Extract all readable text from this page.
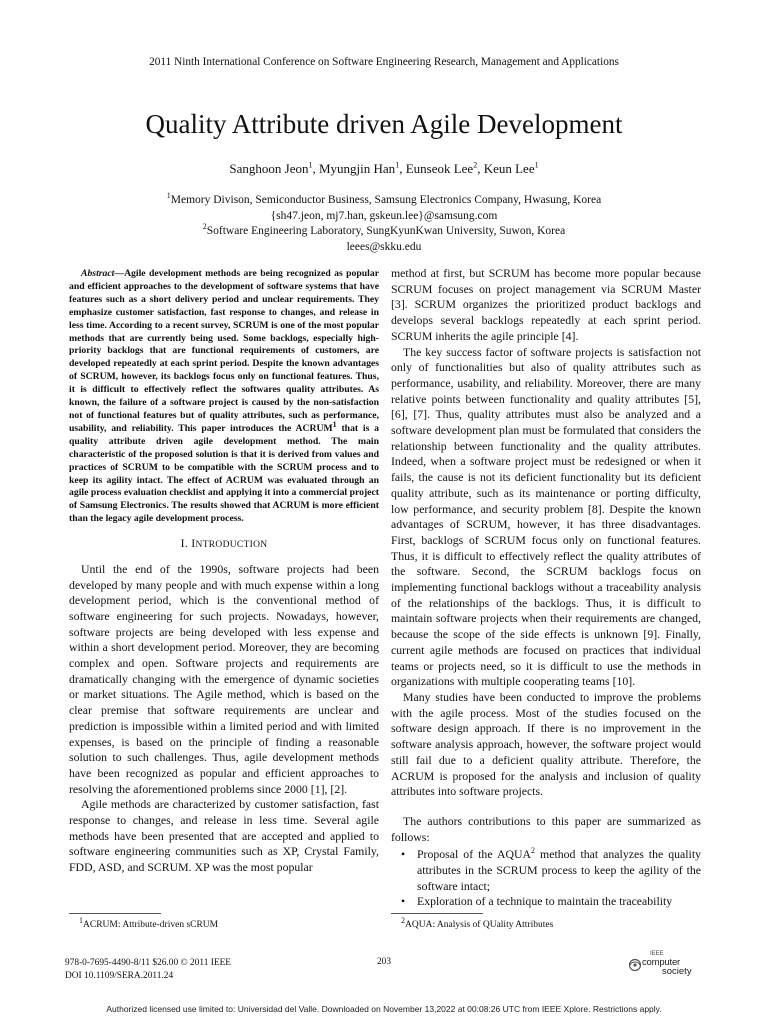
2011 Ninth International Conference on Software Engineering Research, Management and Applications
Quality Attribute driven Agile Development
Sanghoon Jeon$^1$, Myungjin Han$^1$, Eunseok Lee$^2$, Keun Lee$^1$
$^1$Memory Divison, Semiconductor Business, Samsung Electronics Company, Hwasung, Korea
{sh47.jeon, mj7.han, gskeun.lee}@samsung.com
$^2$Software Engineering Laboratory, SungKyunKwan University, Suwon, Korea
leees@skku.edu
Abstract—Agile development methods are being recognized as popular and efficient approaches to the development of software systems that have features such as a short delivery period and unclear requirements. They emphasize customer satisfaction, fast response to changes, and release in less time. According to a recent survey, SCRUM is one of the most popular methods that are currently being used. Some backlogs, especially high-priority backlogs that are functional requirements of customers, are developed repeatedly at each sprint period. Despite the known advantages of SCRUM, however, its backlogs focus only on functional features. Thus, it is difficult to effectively reflect the softwares quality attributes. As known, the failure of a software project is caused by the non-satisfaction not of functional features but of quality attributes, such as performance, usability, and reliability. This paper introduces the ACRUM$^1$ that is a quality attribute driven agile development method. The main characteristic of the proposed solution is that it is derived from values and practices of SCRUM to be compatible with the SCRUM process and to keep its agility intact. The effect of ACRUM was evaluated through an agile process evaluation checklist and applying it into a commercial project of Samsung Electronics. The results showed that ACRUM is more efficient than the legacy agile development process.
I. INTRODUCTION

Until the end of the 1990s, software projects had been developed by many people and with much expense within a long development period, which is the conventional method of software engineering for such projects. Nowadays, however, software projects are being developed with less expense and within a short development period. Moreover, they are becoming complex and open. Software projects and requirements are dramatically changing with the emergence of dynamic societies or market situations. The Agile method, which is based on the clear premise that software requirements are unclear and prediction is impossible within a limited period and with limited expenses, is based on the principle of finding a reasonable solution to such challenges. Thus, agile development methods have been recognized as popular and efficient approaches to resolving the aforementioned problems since 2000 [1], [2].

Agile methods are characterized by customer satisfaction, fast response to changes, and release in less time. Several agile methods have been presented that are accepted and applied to software engineering communities such as XP, Crystal Family, FDD, ASD, and SCRUM. XP was the most popular

$^1$ACRUM: Attribute-driven sCRUM

method at first, but SCRUM has become more popular because SCRUM focuses on project management via SCRUM Master [3]. SCRUM organizes the prioritized product backlogs and develops several backlogs repeatedly at each sprint period. SCRUM inherits the agile principle [4].

The key success factor of software projects is satisfaction not only of functionalities but also of quality attributes such as performance, usability, and reliability. Moreover, there are many relative points between functionality and quality attributes [5], [6], [7]. Thus, quality attributes must also be analyzed and a software development plan must be formulated that considers the relationship between functionality and the quality attributes. Indeed, when a software project must be redesigned or when it fails, the cause is not its deficient functionality but its deficient quality attribute, such as its maintenance or porting difficulty, low performance, and security problem [8]. Despite the known advantages of SCRUM, however, it has three disadvantages. First, backlogs of SCRUM focus only on functional features. Thus, it is difficult to effectively reflect the quality attributes of the software. Second, the SCRUM backlogs focus on implementing functional backlogs without a traceability analysis of the relationships of the backlogs. Thus, it is difficult to maintain software projects when their requirements are changed, because the scope of the side effects is unknown [9]. Finally, current agile methods are focused on practices that individual teams or projects need, so it is difficult to use the methods in organizations with multiple cooperating teams [10].

Many studies have been conducted to improve the problems with the agile process. Most of the studies focused on the software design approach. If there is no improvement in the software analysis approach, however, the software project would still fail due to a deficient quality attribute. Therefore, the ACRUM is proposed for the analysis and inclusion of quality attributes into software projects.

The authors contributions to this paper are summarized as follows:

• Proposal of the AQUA$^2$ method that analyzes the quality attributes in the SCRUM process to keep the agility of the software intact;
• Exploration of a technique to maintain the traceability
$^2$AQUA: Analysis of QUality Attributes
978-0-7695-4490-8/11 $26.00 © 2011 IEEE
DOI 10.1109/SERA.2011.24
203
IEEE
computer
society
Authorized licensed use limited to: Universidad del Valle. Downloaded on November 13,2022 at 00:08:26 UTC from IEEE Xplore. Restrictions apply.
